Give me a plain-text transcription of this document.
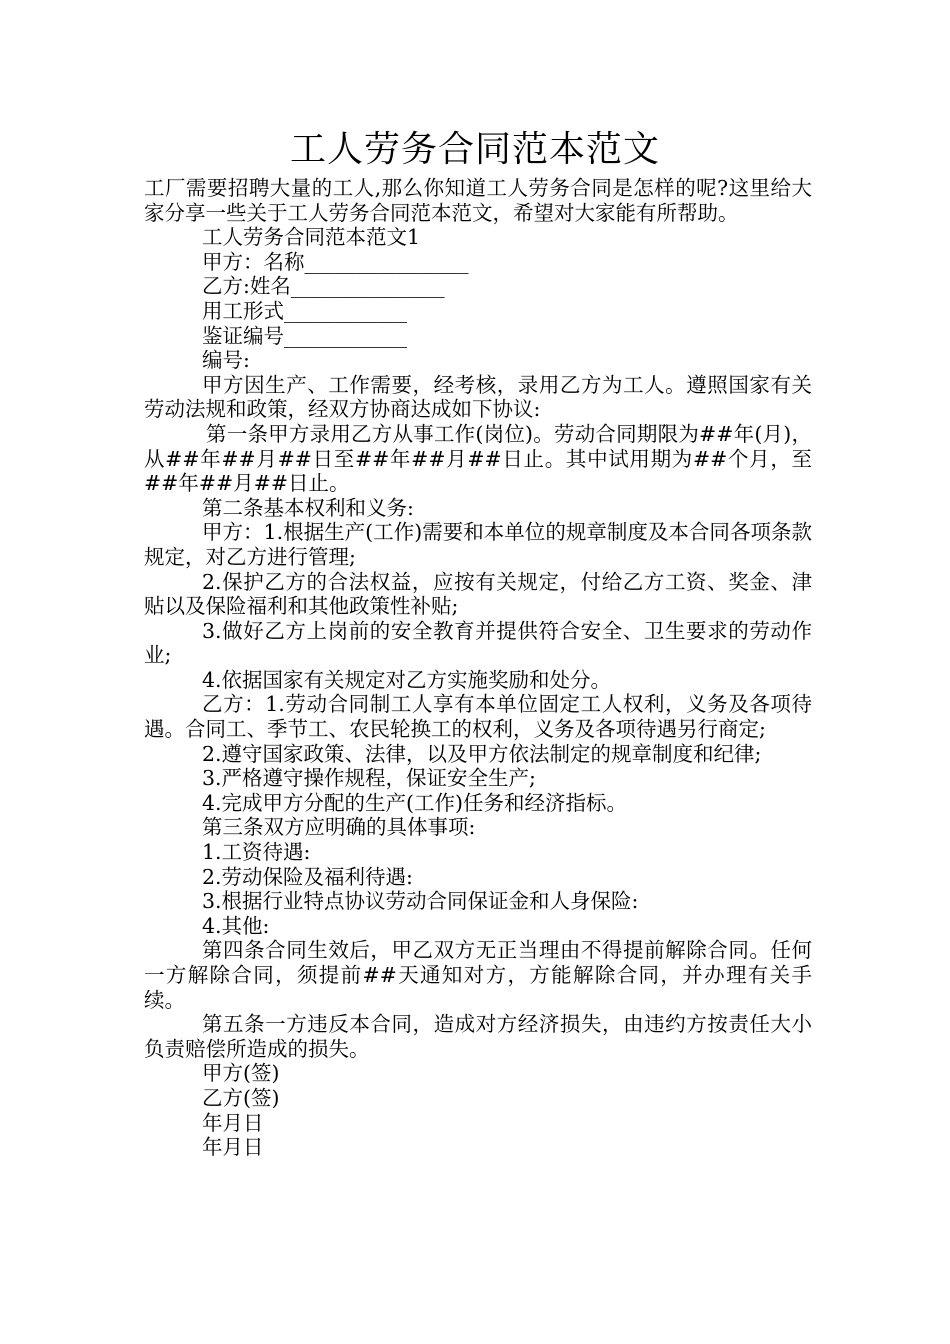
工人劳务合同范本范文

工厂需要招聘大量的工人,那么你知道工人劳务合同是怎样的呢?这里给大家分享一些关于工人劳务合同范本范文，希望对大家能有所帮助。

工人劳务合同范本范文1

甲方：名称________________

乙方:姓名_______________

用工形式____________

鉴证编号____________

编号:

甲方因生产、工作需要，经考核，录用乙方为工人。遵照国家有关劳动法规和政策，经双方协商达成如下协议:

第一条甲方录用乙方从事工作(岗位)。劳动合同期限为##年(月)，从##年##月##日至##年##月##日止。其中试用期为##个月，至##年##月##日止。

第二条基本权利和义务:

甲方：1.根据生产(工作)需要和本单位的规章制度及本合同各项条款规定，对乙方进行管理;

2.保护乙方的合法权益，应按有关规定，付给乙方工资、奖金、津贴以及保险福利和其他政策性补贴;

3.做好乙方上岗前的安全教育并提供符合安全、卫生要求的劳动作业;

4.依据国家有关规定对乙方实施奖励和处分。

乙方：1.劳动合同制工人享有本单位固定工人权利，义务及各项待遇。合同工、季节工、农民轮换工的权利，义务及各项待遇另行商定;

2.遵守国家政策、法律，以及甲方依法制定的规章制度和纪律;

3.严格遵守操作规程，保证安全生产;

4.完成甲方分配的生产(工作)任务和经济指标。

第三条双方应明确的具体事项:

1.工资待遇:

2.劳动保险及福利待遇:

3.根据行业特点协议劳动合同保证金和人身保险:

4.其他:

第四条合同生效后，甲乙双方无正当理由不得提前解除合同。任何一方解除合同，须提前##天通知对方，方能解除合同，并办理有关手续。

第五条一方违反本合同，造成对方经济损失，由违约方按责任大小负责赔偿所造成的损失。

甲方(签)

乙方(签)

年月日

年月日
